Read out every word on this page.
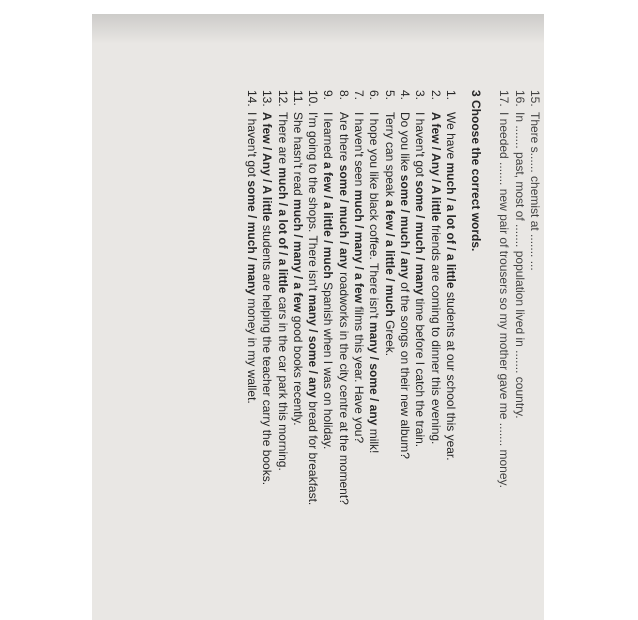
15.
There s...... chemist at ....... ...
16.
In ....... past, most of ....... population lived in ....... country.
17.
I needed ....... new pair of trousers so my mother gave me ....... money.
3 Choose the correct words.
1.
We have much / a lot of / a little students at our school this year.
2.
A few / Any / A little friends are coming to dinner this evening.
3.
I haven't got some / much / many time before I catch the train.
4.
Do you like some / much / any of the songs on their new album?
5.
Terry can speak a few / a little / much Greek.
6.
I hope you like black coffee. There isn't many / some / any milk!
7.
I haven't seen much / many / a few films this year. Have you?
8.
Are there some / much / any roadworks in the city centre at the moment?
9.
I learned a few / a little / much Spanish when I was on holiday.
10.
I'm going to the shops. There isn't many / some / any bread for breakfast.
11.
She hasn't read much / many / a few good books recently.
12.
There are much / a lot of / a little cars in the car park this morning.
13.
A few / Any / A little students are helping the teacher carry the books.
14.
I haven't got some / much / many money in my wallet.
